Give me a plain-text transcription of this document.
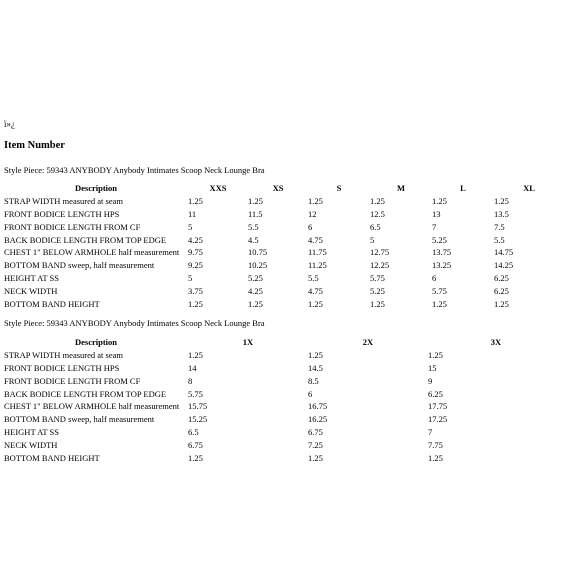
ï»¿
Item Number
Style Piece: 59343 ANYBODY Anybody Intimates Scoop Neck Lounge Bra
Description	XXS	XS	S	M	L	XL
STRAP WIDTH measured at seam	1.25	1.25	1.25	1.25	1.25	1.25
FRONT BODICE LENGTH HPS	11	11.5	12	12.5	13	13.5
FRONT BODICE LENGTH FROM CF	5	5.5	6	6.5	7	7.5
BACK BODICE LENGTH FROM TOP EDGE	4.25	4.5	4.75	5	5.25	5.5
CHEST 1" BELOW ARMHOLE half measurement	9.75	10.75	11.75	12.75	13.75	14.75
BOTTOM BAND sweep, half measurement	9.25	10.25	11.25	12.25	13.25	14.25
HEIGHT AT SS	5	5.25	5.5	5.75	6	6.25
NECK WIDTH	3.75	4.25	4.75	5.25	5.75	6.25
BOTTOM BAND HEIGHT	1.25	1.25	1.25	1.25	1.25	1.25
Style Piece: 59343 ANYBODY Anybody Intimates Scoop Neck Lounge Bra
Description	1X	2X	3X
STRAP WIDTH measured at seam	1.25	1.25	1.25
FRONT BODICE LENGTH HPS	14	14.5	15
FRONT BODICE LENGTH FROM CF	8	8.5	9
BACK BODICE LENGTH FROM TOP EDGE	5.75	6	6.25
CHEST 1" BELOW ARMHOLE half measurement	15.75	16.75	17.75
BOTTOM BAND sweep, half measurement	15.25	16.25	17.25
HEIGHT AT SS	6.5	6.75	7
NECK WIDTH	6.75	7.25	7.75
BOTTOM BAND HEIGHT	1.25	1.25	1.25
